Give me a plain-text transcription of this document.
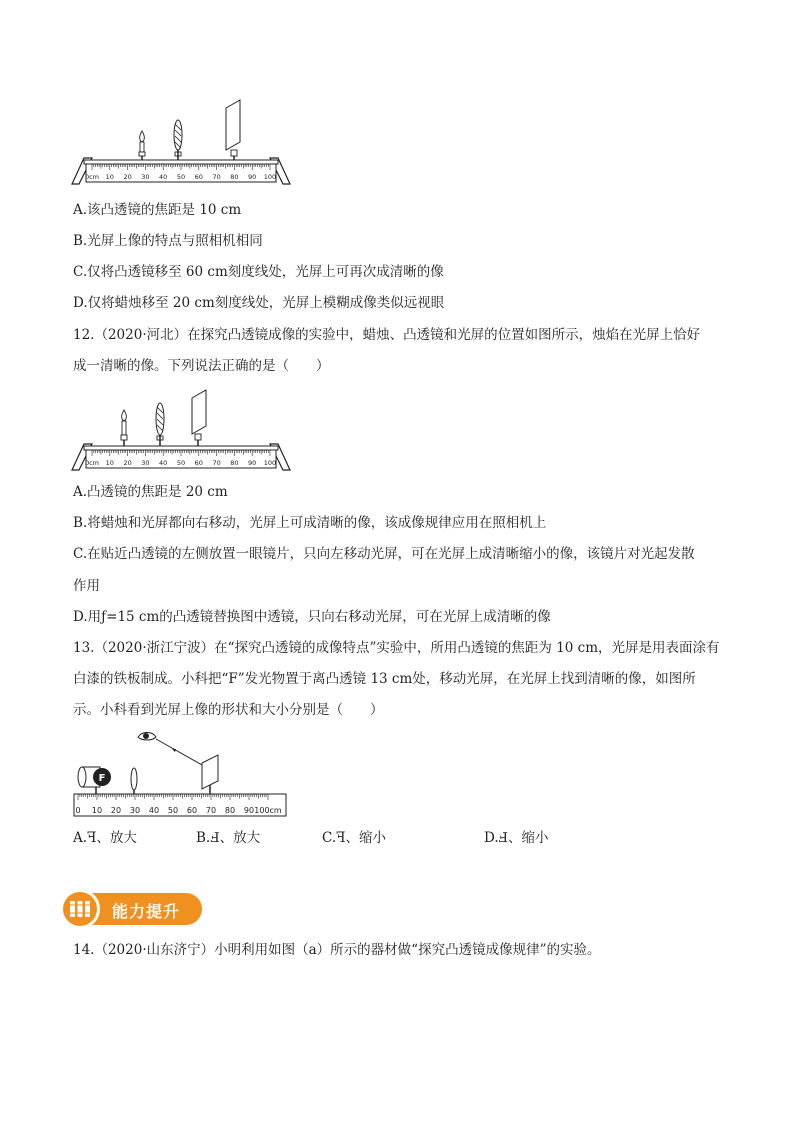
0cm 10 20 30 40 50 60 70 80 90 100
A.该凸透镜的焦距是 10 cm
B.光屏上像的特点与照相机相同
C.仅将凸透镜移至 60 cm刻度线处，光屏上可再次成清晰的像
D.仅将蜡烛移至 20 cm刻度线处，光屏上模糊成像类似远视眼
12.（2020·河北）在探究凸透镜成像的实验中，蜡烛、凸透镜和光屏的位置如图所示，烛焰在光屏上恰好
成一清晰的像。下列说法正确的是（　　）
0cm 10 20 30 40 50 60 70 80 90 100
A.凸透镜的焦距是 20 cm
B.将蜡烛和光屏都向右移动，光屏上可成清晰的像，该成像规律应用在照相机上
C.在贴近凸透镜的左侧放置一眼镜片，只向左移动光屏，可在光屏上成清晰缩小的像，该镜片对光起发散
作用
D.用ƒ=15 cm的凸透镜替换图中透镜，只向右移动光屏，可在光屏上成清晰的像
13.（2020·浙江宁波）在“探究凸透镜的成像特点”实验中，所用凸透镜的焦距为 10 cm，光屏是用表面涂有
白漆的铁板制成。小科把“F”发光物置于离凸透镜 13 cm处，移动光屏，在光屏上找到清晰的像，如图所
示。小科看到光屏上像的形状和大小分别是（　　）
0 10 20 30 40 50 60 70 80 90 100cm
F
A.ꟻ、放大	B.Ⅎ、放大	C.ꟻ、缩小	D.Ⅎ、缩小
能力提升
14.（2020·山东济宁）小明利用如图（a）所示的器材做“探究凸透镜成像规律”的实验。
